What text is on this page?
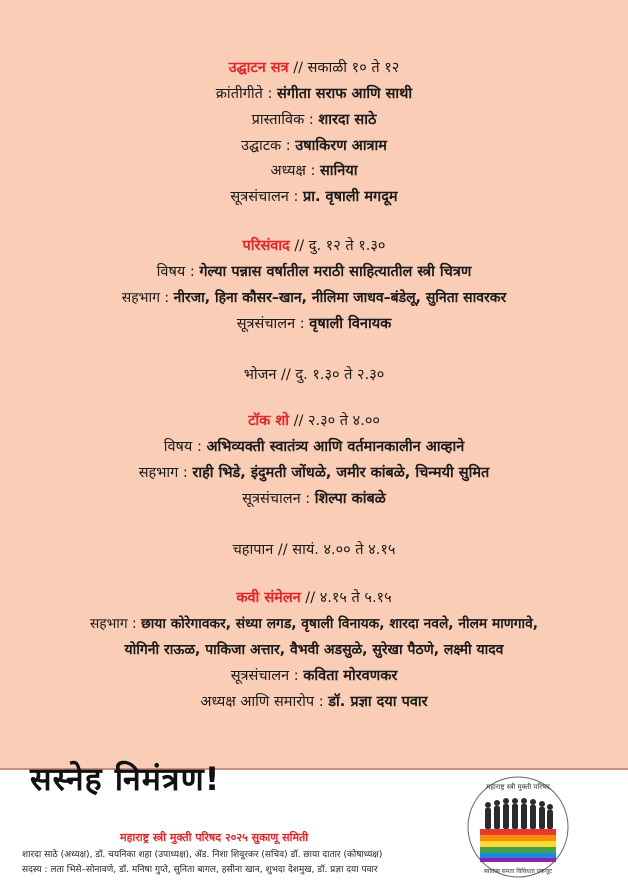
उद्घाटन सत्र // सकाळी १० ते १२
क्रांतीगीते : संगीता सराफ आणि साथी
प्रास्ताविक : शारदा साठे
उद्घाटक : उषाकिरण आत्राम
अध्यक्ष : सानिया
सूत्रसंचालन : प्रा. वृषाली मगदूम
परिसंवाद // दु. १२ ते १.३०
विषय : गेल्या पन्नास वर्षातील मराठी साहित्यातील स्त्री चित्रण
सहभाग : नीरजा, हिना कौसर–खान, नीलिमा जाधव–बंडेलू, सुनिता सावरकर
सूत्रसंचालन : वृषाली विनायक
भोजन // दु. १.३० ते २.३०
टॉक शो // २.३० ते ४.००
विषय : अभिव्यक्ती स्वातंत्र्य आणि वर्तमानकालीन आव्हाने
सहभाग : राही भिडे, इंदुमती जोंधळे, जमीर कांबळे, चिन्मयी सुमित
सूत्रसंचालन : शिल्पा कांबळे
चहापान // सायं. ४.०० ते ४.१५
कवी संमेलन // ४.१५ ते ५.१५
सहभाग : छाया कोरेगावकर, संध्या लगड, वृषाली विनायक, शारदा नवले, नीलम माणगावे,
योगिनी राऊळ, पाकिजा अत्तार, वैभवी अडसुळे, सुरेखा पैठणे, लक्ष्मी यादव
सूत्रसंचालन : कविता मोरवणकर
अध्यक्ष आणि समारोप : डॉ. प्रज्ञा दया पवार
सस्नेह निमंत्रण!
महाराष्ट्र स्त्री मुक्ती परिषद २०२५ सुकाणू समिती
शारदा साठे (अध्यक्ष), डॉ. चयनिका शहा (उपाध्यक्ष), ॲड. निशा शिवूरकर (सचिव) डॉ. छाया दातार (कोषाध्यक्ष)
सदस्य : लता भिसे–सोनावणे, डॉ. मनिषा गुप्ते, सुनिता बागल, हसीना खान, शुभदा देशमुख, डॉ. प्रज्ञा दया पवार
महाराष्ट्र स्त्री मुक्ती परिषद
स्वातंत्र्य समता विविधता एकजूट
